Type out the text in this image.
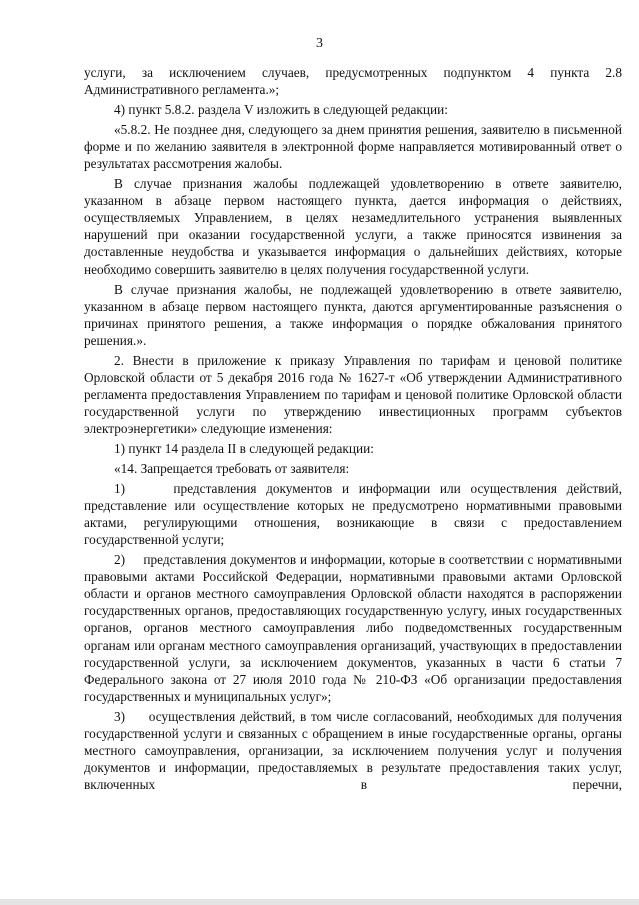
3

услуги, за исключением случаев, предусмотренных подпунктом 4 пункта 2.8 Административного регламента.»;

4) пункт 5.8.2. раздела V изложить в следующей редакции:

«5.8.2. Не позднее дня, следующего за днем принятия решения, заявителю в письменной форме и по желанию заявителя в электронной форме направляется мотивированный ответ о результатах рассмотрения жалобы.

В случае признания жалобы подлежащей удовлетворению в ответе заявителю, указанном в абзаце первом настоящего пункта, дается информация о действиях, осуществляемых Управлением, в целях незамедлительного устранения выявленных нарушений при оказании государственной услуги, а также приносятся извинения за доставленные неудобства и указывается информация о дальнейших действиях, которые необходимо совершить заявителю в целях получения государственной услуги.

В случае признания жалобы, не подлежащей удовлетворению в ответе заявителю, указанном в абзаце первом настоящего пункта, даются аргументированные разъяснения о причинах принятого решения, а также информация о порядке обжалования принятого решения.».

2. Внести в приложение к приказу Управления по тарифам и ценовой политике Орловской области от 5 декабря 2016 года № 1627-т «Об утверждении Административного регламента предоставления Управлением по тарифам и ценовой политике Орловской области государственной услуги по утверждению инвестиционных программ субъектов электроэнергетики» следующие изменения:

1) пункт 14 раздела II в следующей редакции:

«14. Запрещается требовать от заявителя:

1)     представления документов и информации или осуществления действий, представление или осуществление которых не предусмотрено нормативными правовыми актами, регулирующими отношения, возникающие в связи с предоставлением государственной услуги;

2)     представления документов и информации, которые в соответствии с нормативными правовыми актами Российской Федерации, нормативными правовыми актами Орловской области и органов местного самоуправления Орловской области находятся в распоряжении государственных органов, предоставляющих государственную услугу, иных государственных органов, органов местного самоуправления либо подведомственных государственным органам или органам местного самоуправления организаций, участвующих в предоставлении государственной услуги, за исключением документов, указанных в части 6 статьи 7 Федерального закона от 27 июля 2010 года № 210-ФЗ «Об организации предоставления государственных и муниципальных услуг»;

3)     осуществления действий, в том числе согласований, необходимых для получения государственной услуги и связанных с обращением в иные государственные органы, органы местного самоуправления, организации, за исключением получения услуг и получения документов и информации, предоставляемых в результате предоставления таких услуг, включенных в перечни,
